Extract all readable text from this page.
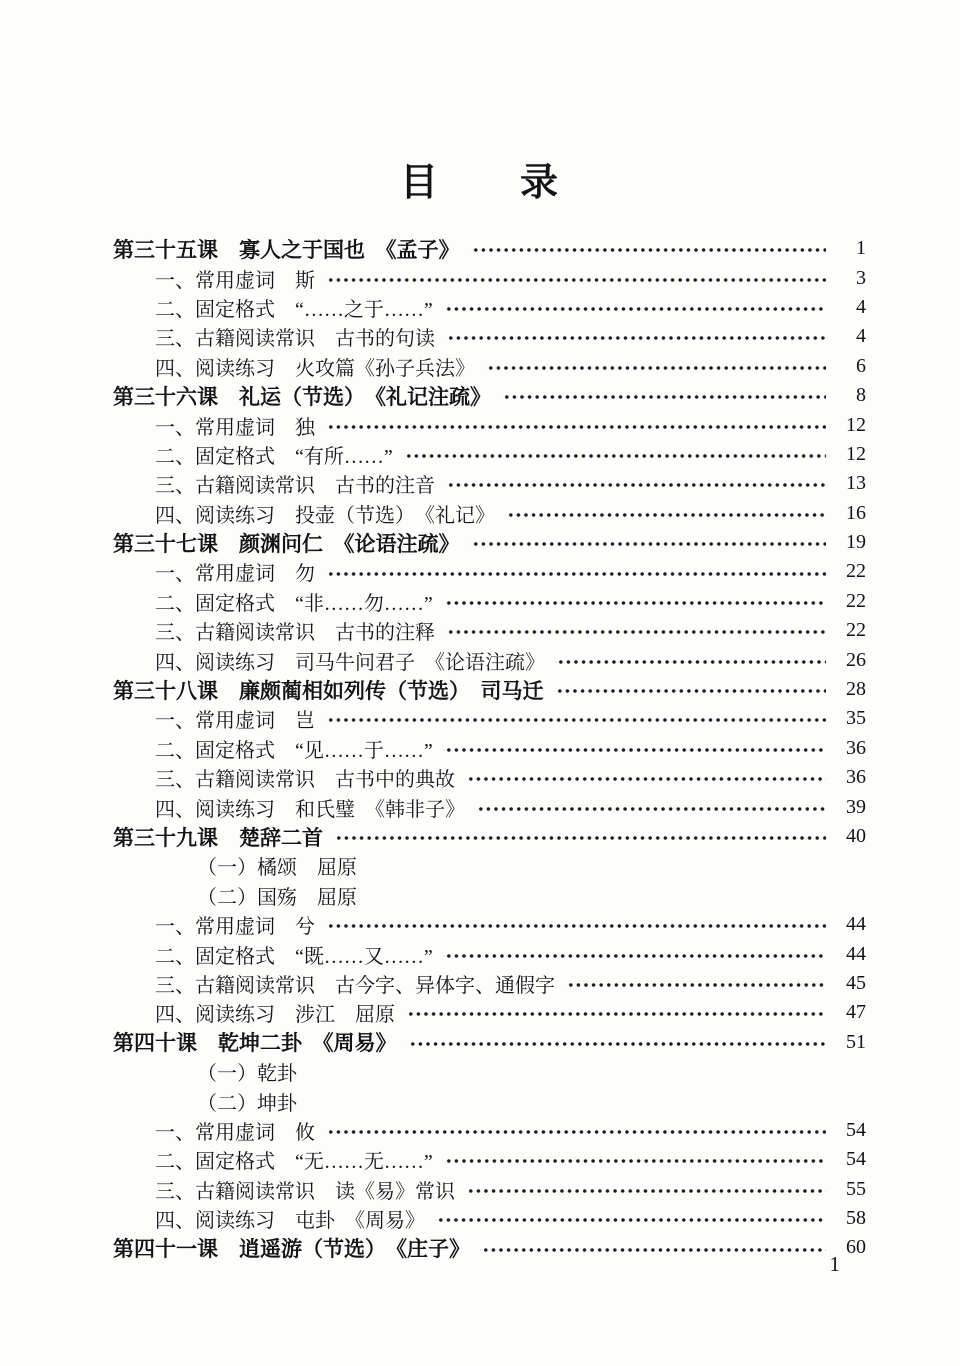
目　　录
第三十五课　寡人之于国也　《孟子》	1
一、常用虚词　斯	3
二、固定格式　“……之于……”	4
三、古籍阅读常识　古书的句读	4
四、阅读练习　火攻篇《孙子兵法》	6
第三十六课　礼运（节选）　《礼记注疏》	8
一、常用虚词　独	12
二、固定格式　“有所……”	12
三、古籍阅读常识　古书的注音	13
四、阅读练习　投壶（节选）　《礼记》	16
第三十七课　颜渊问仁　《论语注疏》	19
一、常用虚词　勿	22
二、固定格式　“非……勿……”	22
三、古籍阅读常识　古书的注释	22
四、阅读练习　司马牛问君子　《论语注疏》	26
第三十八课　廉颇蔺相如列传（节选）　司马迁	28
一、常用虚词　岂	35
二、固定格式　“见……于……”	36
三、古籍阅读常识　古书中的典故	36
四、阅读练习　和氏璧　《韩非子》	39
第三十九课　楚辞二首	40
（一）橘颂　屈原
（二）国殇　屈原
一、常用虚词　兮	44
二、固定格式　“既……又……”	44
三、古籍阅读常识　古今字、异体字、通假字	45
四、阅读练习　涉江　屈原	47
第四十课　乾坤二卦　《周易》	51
（一）乾卦
（二）坤卦
一、常用虚词　攸	54
二、固定格式　“无……无……”	54
三、古籍阅读常识　读《易》常识	55
四、阅读练习　屯卦　《周易》	58
第四十一课　逍遥游（节选）　《庄子》	60
1
